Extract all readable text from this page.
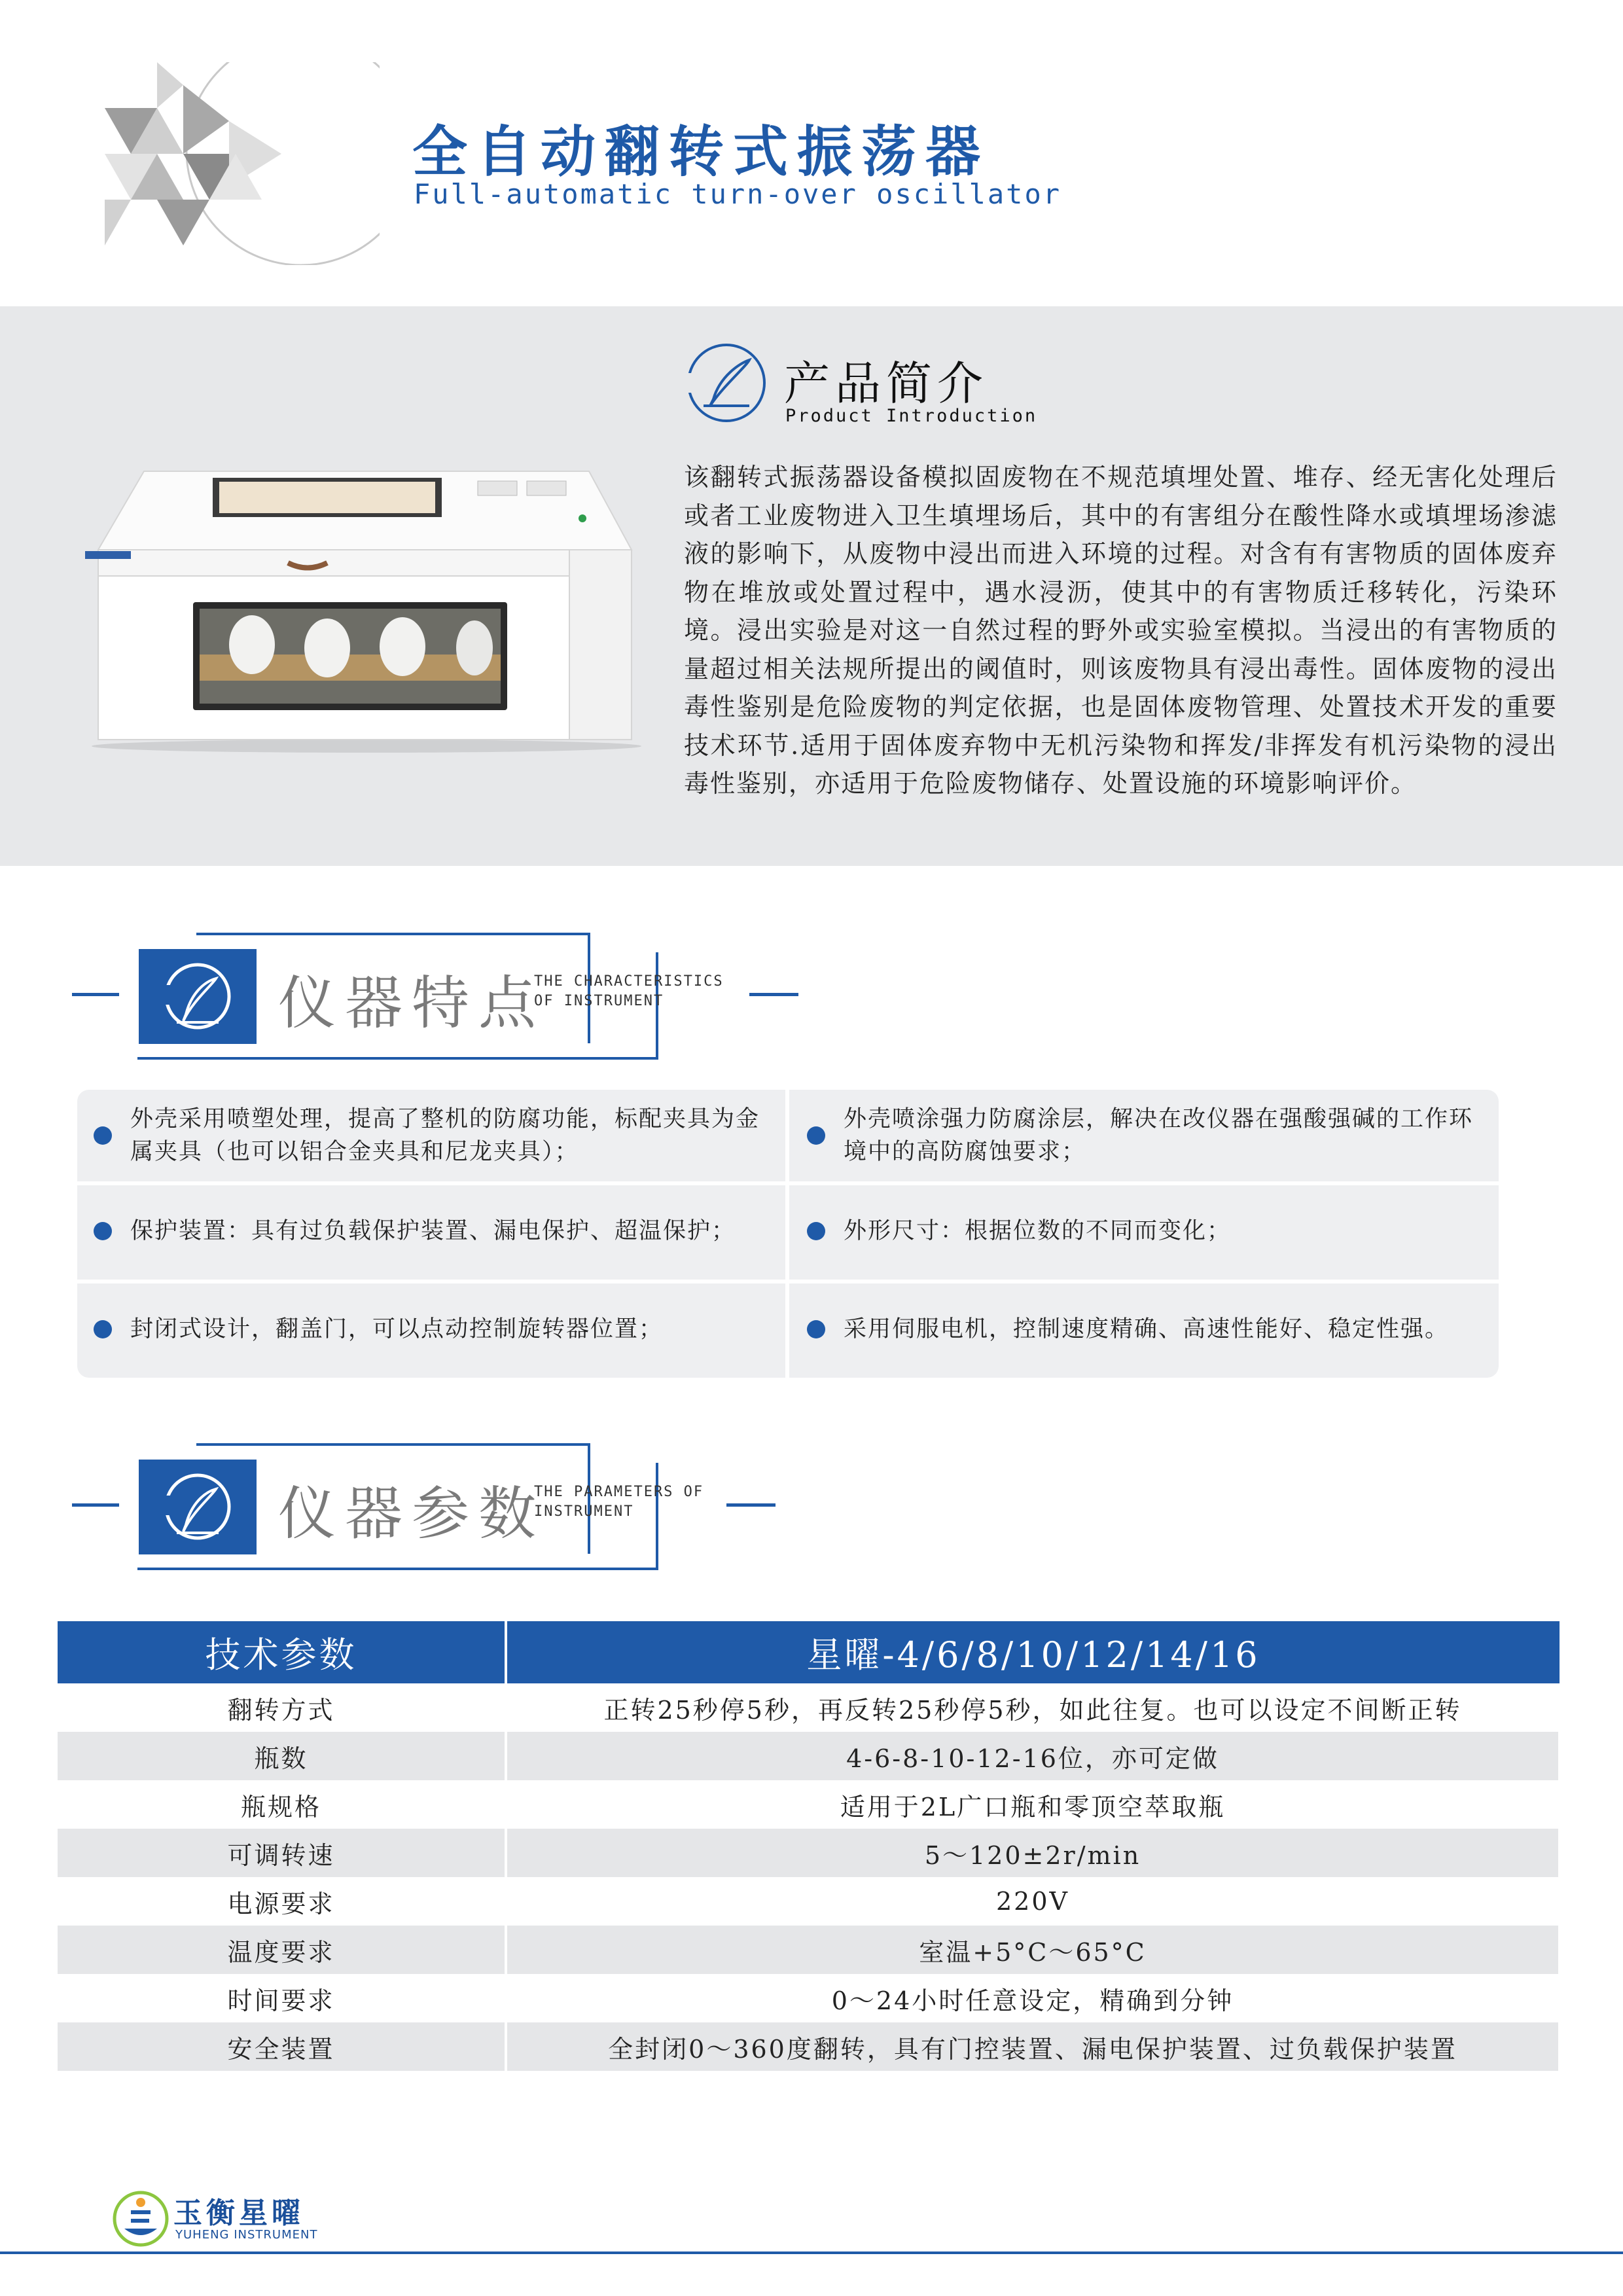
全自动翻转式振荡器
Full-automatic turn-over oscillator
产品简介
Product Introduction
该翻转式振荡器设备模拟固废物在不规范填埋处置、堆存、经无害化处理后或者工业废物进入卫生填埋场后，其中的有害组分在酸性降水或填埋场渗滤液的影响下，从废物中浸出而进入环境的过程。对含有有害物质的固体废弃物在堆放或处置过程中，遇水浸沥，使其中的有害物质迁移转化，污染环境。浸出实验是对这一自然过程的野外或实验室模拟。当浸出的有害物质的量超过相关法规所提出的阈值时，则该废物具有浸出毒性。固体废物的浸出毒性鉴别是危险废物的判定依据，也是固体废物管理、处置技术开发的重要技术环节.适用于固体废弃物中无机污染物和挥发/非挥发有机污染物的浸出毒性鉴别，亦适用于危险废物储存、处置设施的环境影响评价。
仪器特点
THE CHARACTERISTICS OF INSTRUMENT
外壳采用喷塑处理，提高了整机的防腐功能，标配夹具为金属夹具（也可以铝合金夹具和尼龙夹具）；
外壳喷涂强力防腐涂层，解决在改仪器在强酸强碱的工作环境中的高防腐蚀要求；
保护装置：具有过负载保护装置、漏电保护、超温保护；	外形尺寸：根据位数的不同而变化；
封闭式设计，翻盖门，可以点动控制旋转器位置；	采用伺服电机，控制速度精确、高速性能好、稳定性强。
仪器参数
THE PARAMETERS OF INSTRUMENT
技术参数	星曜-4/6/8/10/12/14/16
翻转方式	正转25秒停5秒，再反转25秒停5秒，如此往复。也可以设定不间断正转
瓶数	4-6-8-10-12-16位，亦可定做
瓶规格	适用于2L广口瓶和零顶空萃取瓶
可调转速	5～120±2r/min
电源要求	220V
温度要求	室温+5°C～65°C
时间要求	0～24小时任意设定，精确到分钟
安全装置	全封闭0～360度翻转，具有门控装置、漏电保护装置、过负载保护装置
玉衡星曜
YUHENG INSTRUMENT
